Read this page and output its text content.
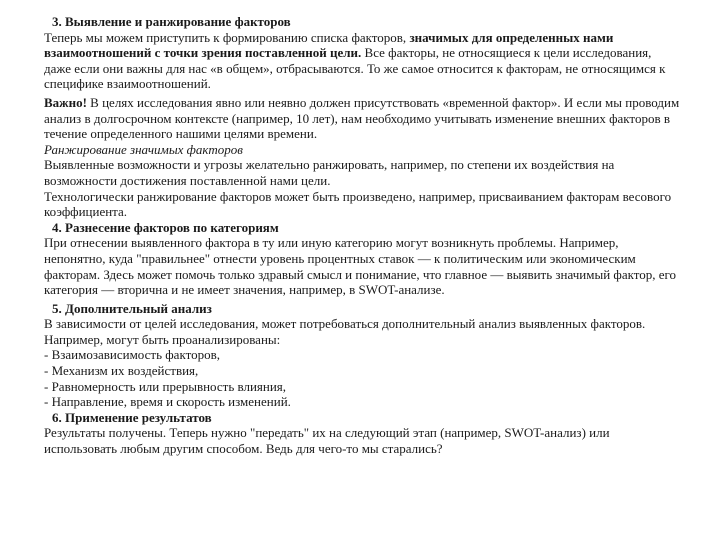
3. Выявление и ранжирование факторов

Теперь мы можем приступить к формированию списка факторов, значимых для определенных нами взаимоотношений с точки зрения поставленной цели. Все факторы, не относящиеся к цели исследования, даже если они важны для нас «в общем», отбрасываются. То же самое относится к факторам, не относящимся к специфике взаимоотношений.

Важно! В целях исследования явно или неявно должен присутствовать «временной фактор». И если мы проводим анализ в долгосрочном контексте (например, 10 лет), нам необходимо учитывать изменение внешних факторов в течение определенного нашими целями времени.

Ранжирование значимых факторов

Выявленные возможности и угрозы желательно ранжировать, например, по степени их воздействия на возможности достижения поставленной нами цели.

Технологически ранжирование факторов может быть произведено, например, присваиванием факторам весового коэффициента.

4. Разнесение факторов по категориям

При отнесении выявленного фактора в ту или иную категорию могут возникнуть проблемы. Например, непонятно, куда "правильнее" отнести уровень процентных ставок — к политическим или экономическим факторам. Здесь может помочь только здравый смысл и понимание, что главное — выявить значимый фактор, его категория — вторична и не имеет значения, например, в SWOT-анализе.

5. Дополнительный анализ

В зависимости от целей исследования, может потребоваться дополнительный анализ выявленных факторов. Например, могут быть проанализированы:

- Взаимозависимость факторов,

- Механизм их воздействия,

- Равномерность или прерывность влияния,

- Направление, время и скорость изменений.

6. Применение результатов

Результаты получены. Теперь нужно "передать" их на следующий этап (например, SWOT-анализ) или использовать любым другим способом. Ведь для чего-то мы старались?
